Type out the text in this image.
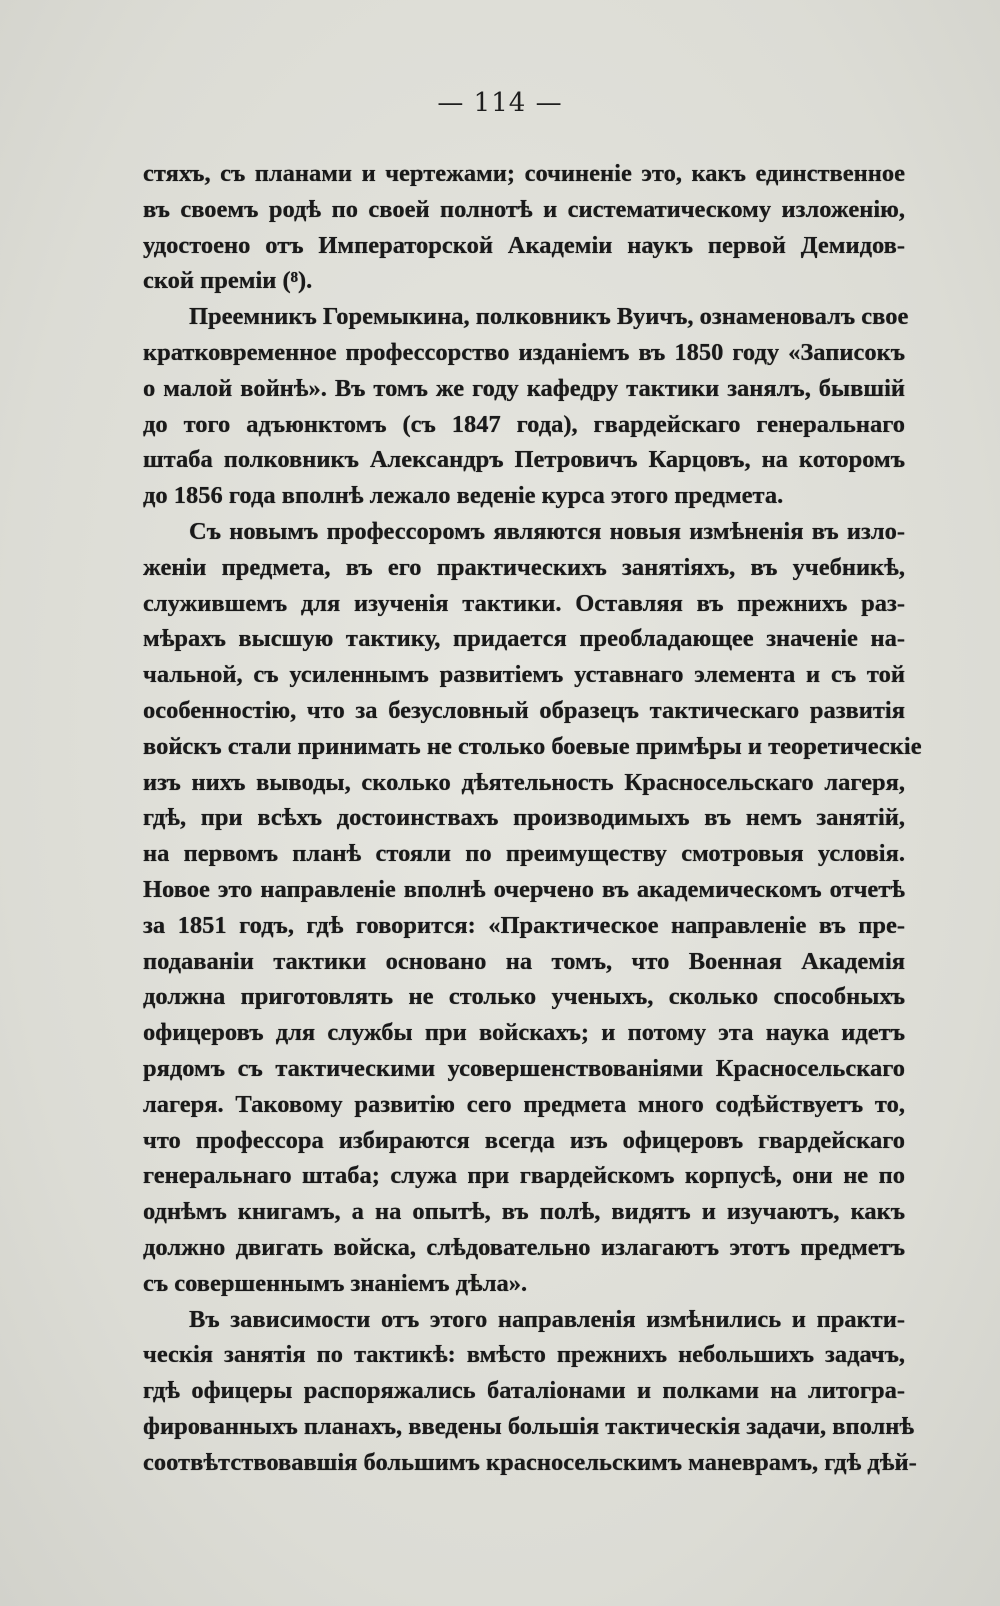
— 114 —
стяхъ, съ планами и чертежами; сочиненіе это, какъ единственное
въ своемъ родѣ по своей полнотѣ и систематическому изложенію,
удостоено отъ Императорской Академіи наукъ первой Демидов-
ской преміи (⁸).
Преемникъ Горемыкина, полковникъ Вуичъ, ознаменовалъ свое
кратковременное профессорство изданіемъ въ 1850 году «Записокъ
о малой войнѣ». Въ томъ же году кафедру тактики занялъ, бывшій
до того адъюнктомъ (съ 1847 года), гвардейскаго генеральнаго
штаба полковникъ Александръ Петровичъ Карцовъ, на которомъ
до 1856 года вполнѣ лежало веденіе курса этого предмета.
Съ новымъ профессоромъ являются новыя измѣненія въ изло-
женіи предмета, въ его практическихъ занятіяхъ, въ учебникѣ,
служившемъ для изученія тактики. Оставляя въ прежнихъ раз-
мѣрахъ высшую тактику, придается преобладающее значеніе на-
чальной, съ усиленнымъ развитіемъ уставнаго элемента и съ той
особенностію, что за безусловный образецъ тактическаго развитія
войскъ стали принимать не столько боевые примѣры и теоретическіе
изъ нихъ выводы, сколько дѣятельность Красносельскаго лагеря,
гдѣ, при всѣхъ достоинствахъ производимыхъ въ немъ занятій,
на первомъ планѣ стояли по преимуществу смотровыя условія.
Новое это направленіе вполнѣ очерчено въ академическомъ отчетѣ
за 1851 годъ, гдѣ говорится: «Практическое направленіе въ пре-
подаваніи тактики основано на томъ, что Военная Академія
должна приготовлять не столько ученыхъ, сколько способныхъ
офицеровъ для службы при войскахъ; и потому эта наука идетъ
рядомъ съ тактическими усовершенствованіями Красносельскаго
лагеря. Таковому развитію сего предмета много содѣйствуетъ то,
что профессора избираются всегда изъ офицеровъ гвардейскаго
генеральнаго штаба; служа при гвардейскомъ корпусѣ, они не по
однѣмъ книгамъ, а на опытѣ, въ полѣ, видятъ и изучаютъ, какъ
должно двигать войска, слѣдовательно излагаютъ этотъ предметъ
съ совершеннымъ знаніемъ дѣла».
Въ зависимости отъ этого направленія измѣнились и практи-
ческія занятія по тактикѣ: вмѣсто прежнихъ небольшихъ задачъ,
гдѣ офицеры распоряжались баталіонами и полками на литогра-
фированныхъ планахъ, введены большія тактическія задачи, вполнѣ
соотвѣтствовавшія большимъ красносельскимъ маневрамъ, гдѣ дѣй-
